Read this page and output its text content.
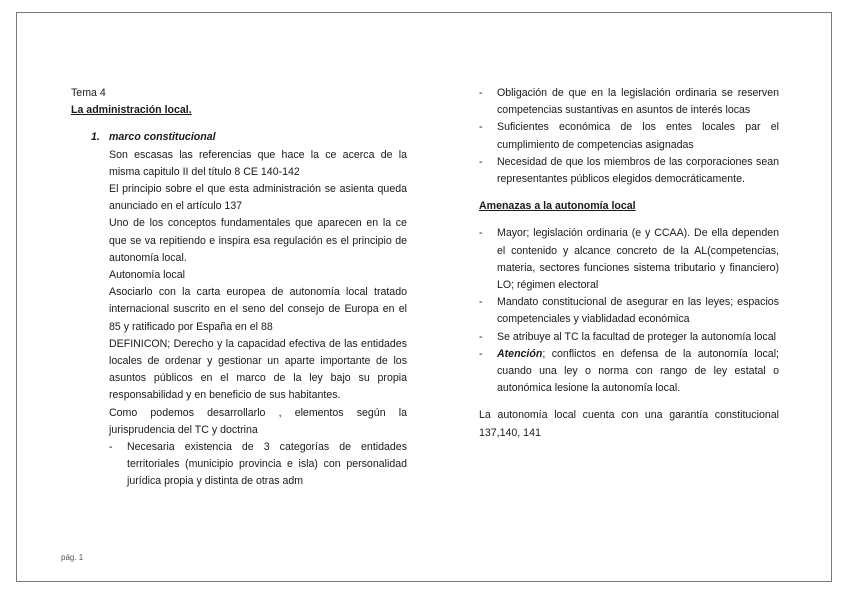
Tema 4

La administración local.

1. marco constitucional

Son escasas las referencias que hace la ce acerca de la misma capitulo II del título 8 CE 140-142

El principio sobre el que esta administración se asienta queda anunciado en el artículo 137

Uno de los conceptos fundamentales que aparecen en la ce que se va repitiendo e inspira esa regulación es el principio de autonomía local.

Autonomía local

Asociarlo con la carta europea de autonomía local tratado internacional suscrito en el seno del consejo de Europa en el 85 y ratificado por España en el 88

DEFINICON; Derecho y la capacidad efectiva de las entidades locales de ordenar y gestionar un aparte importante de los asuntos públicos en el marco de la ley bajo su propia responsabilidad y en beneficio de sus habitantes.

Como podemos desarrollarlo , elementos según la jurisprudencia del TC y doctrina

- Necesaria existencia de 3 categorías de entidades territoriales (municipio provincia e isla) con personalidad jurídica propia y distinta de otras adm
- Obligación de que en la legislación ordinaria se reserven competencias sustantivas en asuntos de interés locas
- Suficientes económica de los entes locales par el cumplimiento de competencias asignadas
- Necesidad de que los miembros de las corporaciones sean representantes públicos elegidos democráticamente.

Amenazas a la autonomía local

- Mayor; legislación ordinaria (e y CCAA). De ella dependen el contenido y alcance concreto de la AL(competencias, materia, sectores funciones sistema tributario y financiero) LO; régimen electoral
- Mandato constitucional de asegurar en las leyes; espacios competenciales y viablidadad económica
- Se atribuye al TC la facultad de proteger la autonomía local
- Atención; conflictos en defensa de la autonomía local; cuando una ley o norma con rango de ley estatal o autonómica lesione la autonomía local.

La autonomía local cuenta con una garantía constitucional 137,140, 141

pág. 1
